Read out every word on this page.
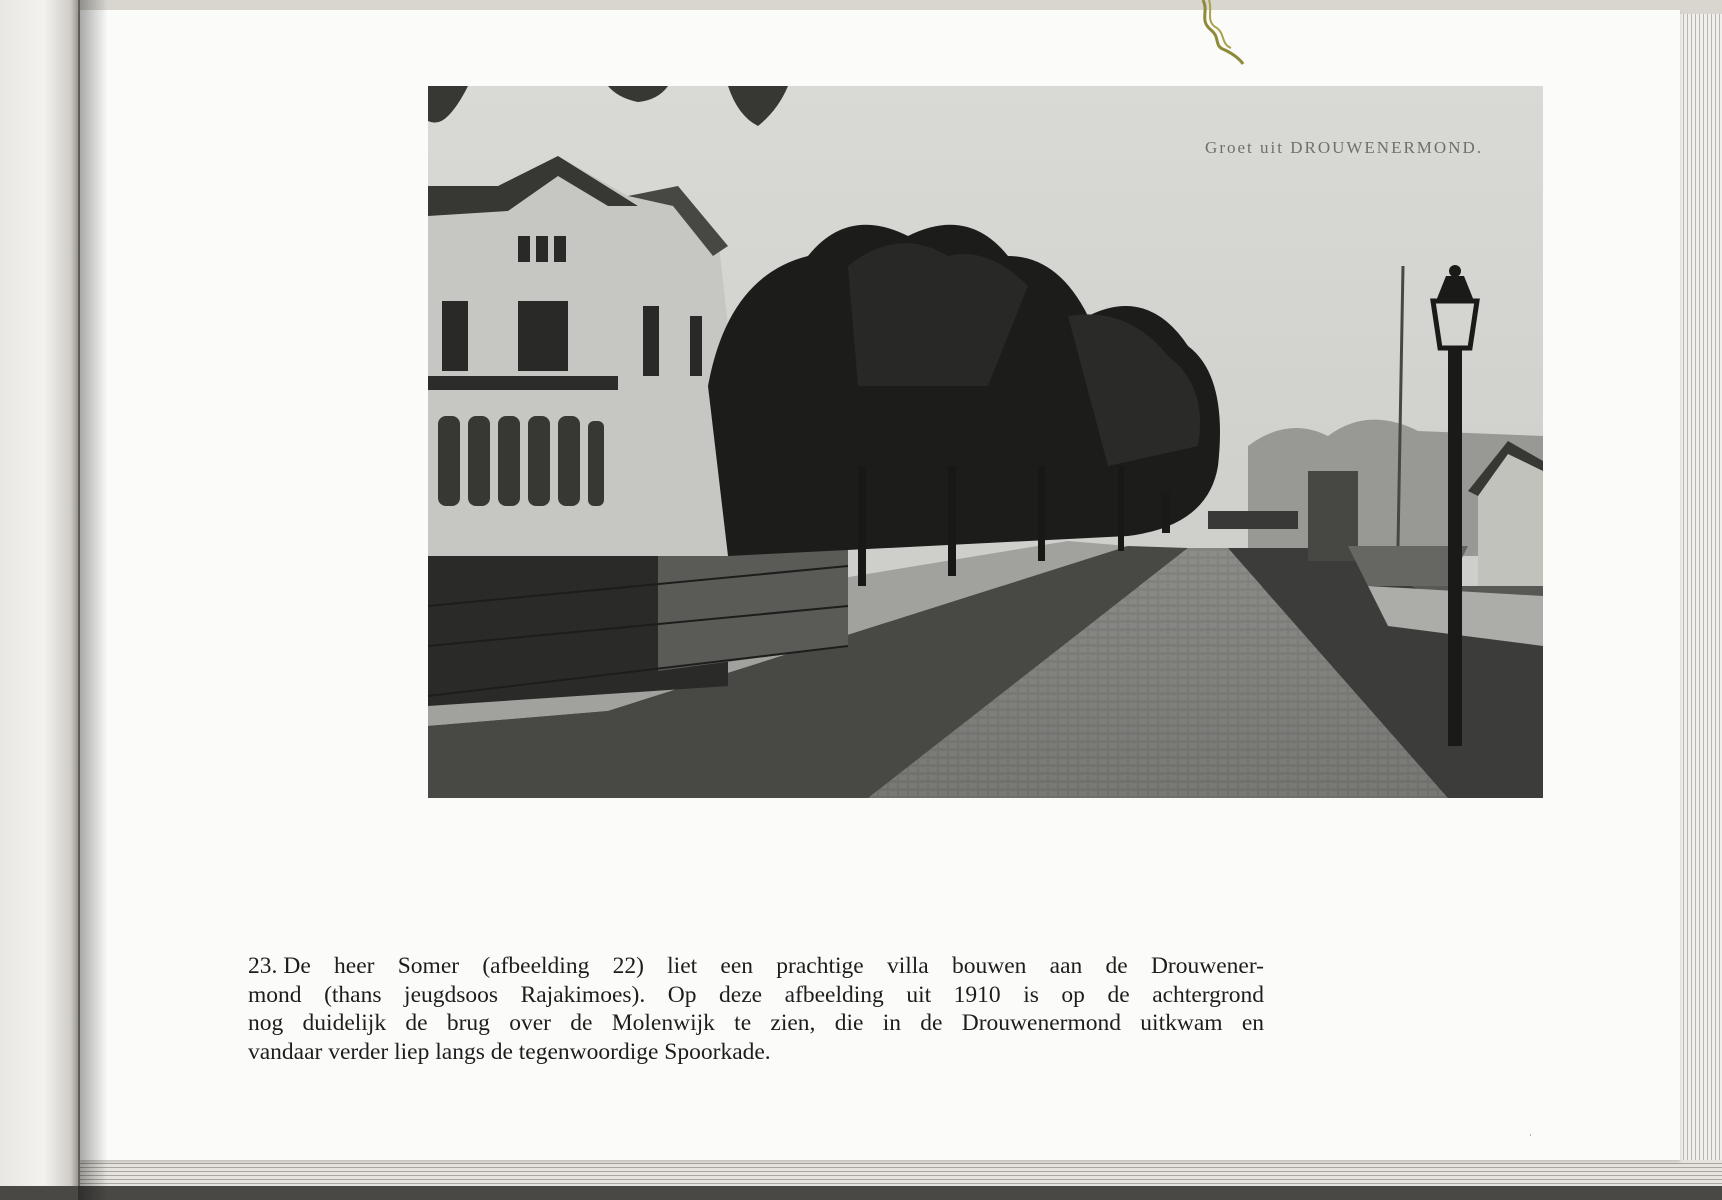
Groet uit DROUWENERMOND.
23. De heer Somer (afbeelding 22) liet een prachtige villa bouwen aan de Drouwener-
mond (thans jeugdsoos Rajakimoes). Op deze afbeelding uit 1910 is op de achtergrond
nog duidelijk de brug over de Molenwijk te zien, die in de Drouwenermond uitkwam en
vandaar verder liep langs de tegenwoordige Spoorkade.
ˌ
